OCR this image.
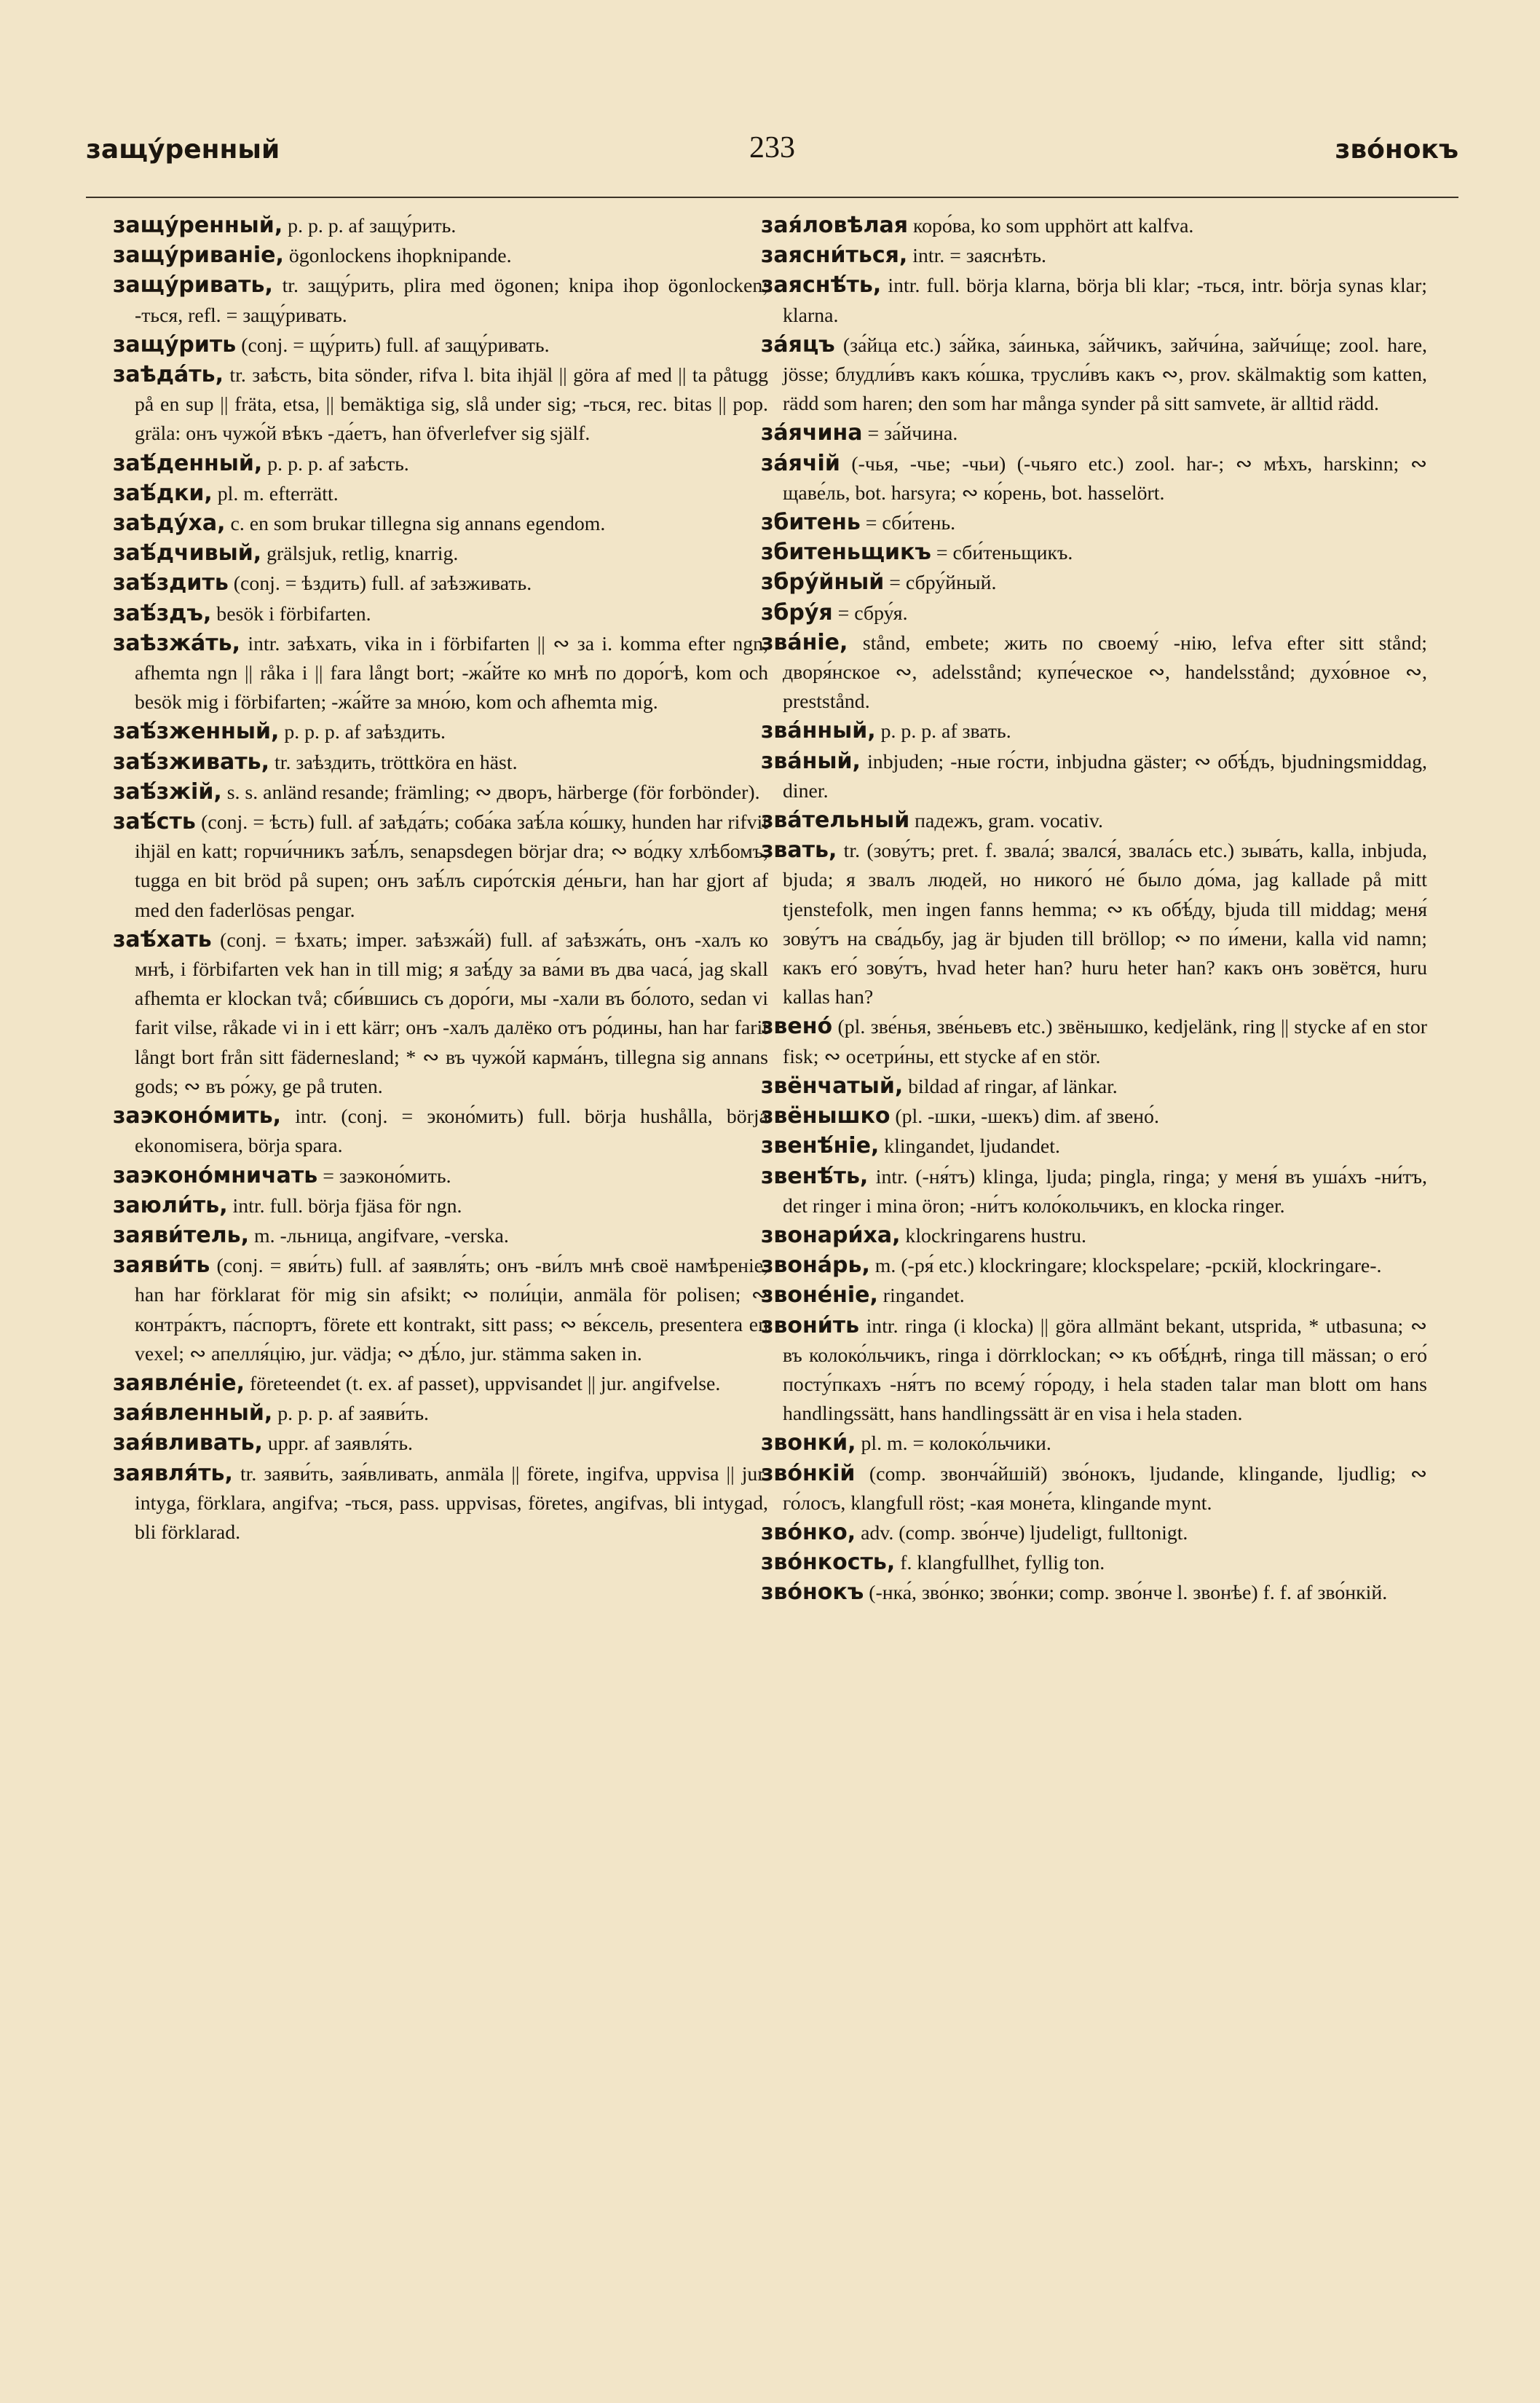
защу́ренный	233	зво́нокъ

защу́ренный, p. p. p. af защу́рить.

защу́риваніе, ögonlockens ihopknipande.

защу́ривать, tr. защу́рить, plira med ögonen; knipa ihop ögonlocken; -ться, refl. = защу́ривать.

защу́рить (conj. = щу́рить) full. af защу́ривать.

заѣда́ть, tr. заѣсть, bita sönder, rifva l. bita ihjäl || göra af med || ta påtugg på en sup || fräta, etsa, || bemäktiga sig, slå under sig; -ться, rec. bitas || pop. gräla: онъ чужо́й вѣкъ -да́етъ, han öfverlefver sig själf.

заѣ́денный, p. p. p. af заѣсть.

заѣ́дки, pl. m. efterrätt.

заѣду́ха, c. en som brukar tillegna sig annans egendom.

заѣ́дчивый, grälsjuk, retlig, knarrig.

заѣ́здить (conj. = ѣздить) full. af заѣзживать.

заѣ́здъ, besök i förbifarten.

заѣзжа́ть, intr. заѣхать, vika in i förbifarten || ∾ за i. komma efter ngn, afhemta ngn || råka i || fara långt bort; -жа́йте ко мнѣ по доро́гѣ, kom och besök mig i förbifarten; -жа́йте за мно́ю, kom och afhemta mig.

заѣ́зженный, p. p. p. af заѣздить.

заѣ́зживать, tr. заѣздить, tröttköra en häst.

заѣ́зжій, s. s. anländ resande; främling; ∾ дворъ, härberge (för forbönder).

заѣ́сть (conj. = ѣсть) full. af заѣда́ть; соба́ка заѣ́ла ко́шку, hunden har rifvit ihjäl en katt; горчи́чникъ заѣ́лъ, senapsdegen börjar dra; ∾ во́дку хлѣбомъ, tugga en bit bröd på supen; онъ заѣ́лъ сиро́тскія де́ньги, han har gjort af med den faderlösas pengar.

заѣ́хать (conj. = ѣхать; imper. заѣзжа́й) full. af заѣзжа́ть, онъ -халъ ко мнѣ, i förbifarten vek han in till mig; я заѣ́ду за ва́ми въ два часа́, jag skall afhemta er klockan två; сби́вшись съ доро́ги, мы -хали въ бо́лото, sedan vi farit vilse, råkade vi in i ett kärr; онъ -халъ далёко отъ ро́дины, han har farit långt bort från sitt fädernesland; * ∾ въ чужо́й карма́нъ, tillegna sig annans gods; ∾ въ ро́жу, ge på truten.

заэконо́мить, intr. (conj. = эконо́мить) full. börja hushålla, börja ekonomisera, börja spara.

заэконо́мничать = заэконо́мить.

заюли́ть, intr. full. börja fjäsa för ngn.

заяви́тель, m. -льница, angifvare, -verska.

заяви́ть (conj. = яви́ть) full. af заявля́ть; онъ -ви́лъ мнѣ своё намѣреніе, han har förklarat för mig sin afsikt; ∾ поли́ціи, anmäla för polisen; ∾ контра́ктъ, па́спортъ, förete ett kontrakt, sitt pass; ∾ ве́ксель, presentera en vexel; ∾ апелля́цію, jur. vädja; ∾ дѣ́ло, jur. stämma saken in.

заявле́ніе, företeendet (t. ex. af passet), uppvisandet || jur. angifvelse.

зая́вленный, p. p. p. af заяви́ть.

зая́вливать, uppr. af заявля́ть.

заявля́ть, tr. заяви́ть, зая́вливать, anmäla || förete, ingifva, uppvisa || jur. intyga, förklara, angifva; -ться, pass. uppvisas, företes, angifvas, bli intygad, bli förklarad.

зая́ловѣлая коро́ва, ko som upphört att kalfva.

заясни́ться, intr. = заяснѣть.

заяснѣ́ть, intr. full. börja klarna, börja bli klar; -ться, intr. börja synas klar; klarna.

за́яцъ (за́йца etc.) за́йка, за́инька, за́йчикъ, зайчи́на, зайчи́ще; zool. hare, jösse; блудли́въ какъ ко́шка, трусли́въ какъ ∾, prov. skälmaktig som katten, rädd som haren; den som har många synder på sitt samvete, är alltid rädd.

за́ячина = за́йчина.

за́ячій (-чья, -чье; -чьи) (-чьяго etc.) zool. har-; ∾ мѣхъ, harskinn; ∾ щаве́ль, bot. harsyra; ∾ ко́рень, bot. hasselört.

збитень = сби́тень.

збитеньщикъ = сби́теньщикъ.

збру́йный = сбру́йный.

збру́я = сбру́я.

зва́ніе, stånd, embete; жить по своему́ -нію, lefva efter sitt stånd; дворя́нское ∾, adelsstånd; купе́ческое ∾, handelsstånd; духо́вное ∾, preststånd.

зва́нный, p. p. p. af звать.

зва́ный, inbjuden; -ные го́сти, inbjudna gäster; ∾ обѣ́дъ, bjudningsmiddag, diner.

зва́тельный падежъ, gram. vocativ.

звать, tr. (зову́тъ; pret. f. звала́; звался́, звала́сь etc.) зыва́ть, kalla, inbjuda, bjuda; я звалъ людей, но никого́ не́ было до́ма, jag kallade på mitt tjenstefolk, men ingen fanns hemma; ∾ къ обѣ́ду, bjuda till middag; меня́ зову́тъ на сва́дьбу, jag är bjuden till bröllop; ∾ по и́мени, kalla vid namn; какъ его́ зову́тъ, hvad heter han? huru heter han? какъ онъ зовётся, huru kallas han?

звено́ (pl. зве́нья, зве́ньевъ etc.) звёнышко, kedjelänk, ring || stycke af en stor fisk; ∾ осетри́ны, ett stycke af en stör.

звёнчатый, bildad af ringar, af länkar.

звёнышко (pl. -шки, -шекъ) dim. af звено́.

звенѣ́ніе, klingandet, ljudandet.

звенѣ́ть, intr. (-ня́тъ) klinga, ljuda; pingla, ringa; у меня́ въ уша́хъ -ни́тъ, det ringer i mina öron; -ни́тъ коло́кольчикъ, en klocka ringer.

звонари́ха, klockringarens hustru.

звона́рь, m. (-ря́ etc.) klockringare; klockspelare; -рскій, klockringare-.

звоне́ніе, ringandet.

звони́ть intr. ringa (i klocka) || göra allmänt bekant, utsprida, * utbasuna; ∾ въ колоко́льчикъ, ringa i dörrklockan; ∾ къ обѣ́днѣ, ringa till mässan; о его́ посту́пкахъ -ня́тъ по всему́ го́роду, i hela staden talar man blott om hans handlingssätt, hans handlingssätt är en visa i hela staden.

звонки́, pl. m. = колоко́льчики.

зво́нкій (comp. звонча́йшій) зво́нокъ, ljudande, klingande, ljudlig; ∾ го́лосъ, klangfull röst; -кая моне́та, klingande mynt.

зво́нко, adv. (comp. зво́нче) ljudeligt, fulltonigt.

зво́нкость, f. klangfullhet, fyllig ton.

зво́нокъ (-нка́, зво́нко; зво́нки; comp. зво́нче l. звонѣе) f. f. af зво́нкій.
